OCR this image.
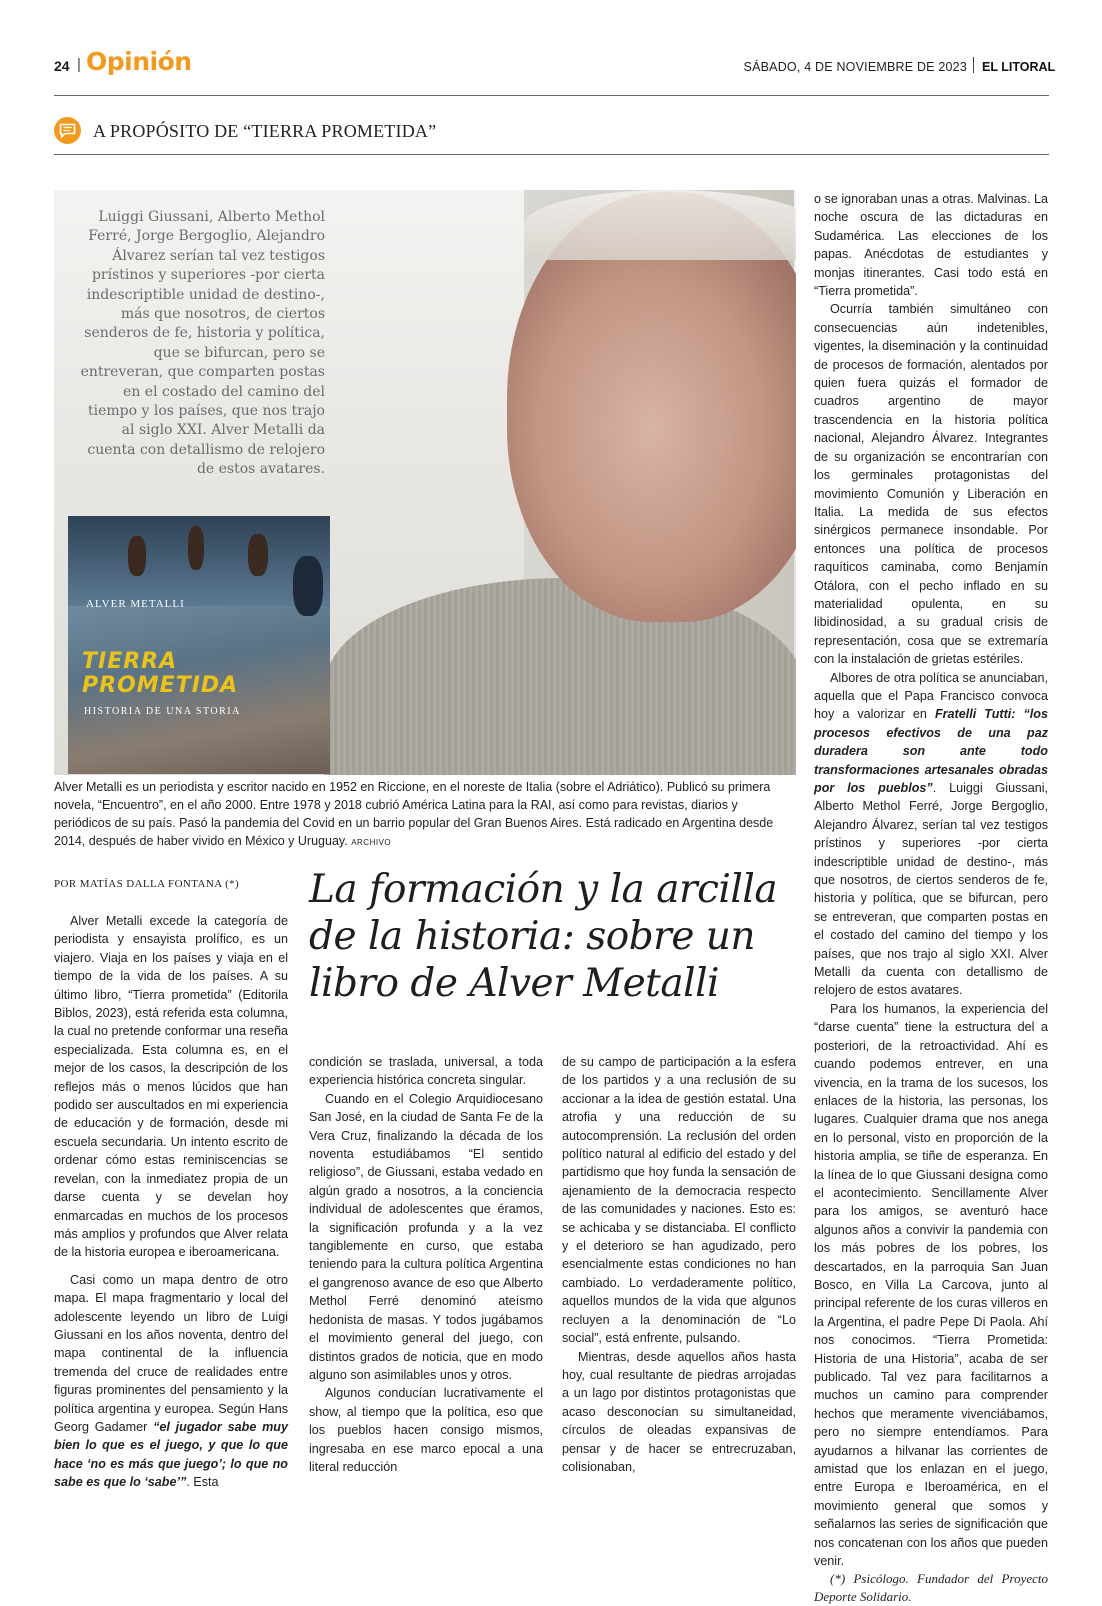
24 | Opinión	SÁBADO, 4 DE NOVIEMBRE DE 2023 EL LITORAL
A PROPÓSITO DE “TIERRA PROMETIDA”
ALVER METALLI
TIERRA
PROMETIDA
HISTORIA DE UNA STORIA
Luiggi Giussani, Alberto Methol Ferré, Jorge Bergoglio, Alejandro Álvarez serían tal vez testigos prístinos y superiores -por cierta indescriptible unidad de destino-, más que nosotros, de ciertos senderos de fe, historia y política, que se bifurcan, pero se entreveran, que comparten postas en el costado del camino del tiempo y los países, que nos trajo al siglo XXI. Alver Metalli da cuenta con detallismo de relojero de estos avatares.
Alver Metalli es un periodista y escritor nacido en 1952 en Riccione, en el noreste de Italia (sobre el Adriático). Publicó su primera novela, “Encuentro”, en el año 2000. Entre 1978 y 2018 cubrió América Latina para la RAI, así como para revistas, diarios y periódicos de su país. Pasó la pandemia del Covid en un barrio popular del Gran Buenos Aires. Está radicado en Argentina desde 2014, después de haber vivido en México y Uruguay. ARCHIVO
POR MATÍAS DALLA FONTANA (*) La formación y la arcilla de la historia: sobre un libro de Alver Metalli

Alver Metalli excede la categoría de periodista y ensayista prolífico, es un viajero. Viaja en los países y viaja en el tiempo de la vida de los países. A su último libro, “Tierra prometida” (Editorila Biblos, 2023), está referida esta columna, la cual no pretende conformar una reseña especializada. Esta columna es, en el mejor de los casos, la descripción de los reflejos más o menos lúcidos que han podido ser auscultados en mi experiencia de educación y de formación, desde mi escuela secundaria. Un intento escrito de ordenar cómo estas reminiscencias se revelan, con la inmediatez propia de un darse cuenta y se develan hoy enmarcadas en muchos de los procesos más amplios y profundos que Alver relata de la historia europea e iberoamericana.

Casi como un mapa dentro de otro mapa. El mapa fragmentario y local del adolescente leyendo un libro de Luigi Giussani en los años noventa, dentro del mapa continental de la influencia tremenda del cruce de realidades entre figuras prominentes del pensamiento y la política argentina y europea. Según Hans Georg Gadamer “el jugador sabe muy bien lo que es el juego, y que lo que hace ‘no es más que juego’; lo que no sabe es que lo ‘sabe’”. Esta

condición se traslada, universal, a toda experiencia histórica concreta singular.

Cuando en el Colegio Arquidiocesano San José, en la ciudad de Santa Fe de la Vera Cruz, finalizando la década de los noventa estudiábamos “El sentido religioso”, de Giussani, estaba vedado en algún grado a nosotros, a la conciencia individual de adolescentes que éramos, la significación profunda y a la vez tangiblemente en curso, que estaba teniendo para la cultura política Argentina el gangrenoso avance de eso que Alberto Methol Ferré denominó ateísmo hedonista de masas. Y todos jugábamos el movimiento general del juego, con distintos grados de noticia, que en modo alguno son asimilables unos y otros.

Algunos conducían lucrativamente el show, al tiempo que la política, eso que los pueblos hacen consigo mismos, ingresaba en ese marco epocal a una literal reducción

de su campo de participación a la esfera de los partidos y a una reclusión de su accionar a la idea de gestión estatal. Una atrofia y una reducción de su autocomprensión. La reclusión del orden político natural al edificio del estado y del partidismo que hoy funda la sensación de ajenamiento de la democracia respecto de las comunidades y naciones. Esto es: se achicaba y se distanciaba. El conflicto y el deterioro se han agudizado, pero esencialmente estas condiciones no han cambiado. Lo verdaderamente político, aquellos mundos de la vida que algunos recluyen a la denominación de “Lo social”, está enfrente, pulsando.

Mientras, desde aquellos años hasta hoy, cual resultante de piedras arrojadas a un lago por distintos protagonistas que acaso desconocían su simultaneidad, círculos de oleadas expansivas de pensar y de hacer se entrecruzaban, colisionaban,

o se ignoraban unas a otras. Malvinas. La noche oscura de las dictaduras en Sudamérica. Las elecciones de los papas. Anécdotas de estudiantes y monjas itinerantes. Casi todo está en “Tierra prometida”.

Ocurría también simultáneo con consecuencias aún indetenibles, vigentes, la diseminación y la continuidad de procesos de formación, alentados por quien fuera quizás el formador de cuadros argentino de mayor trascendencia en la historia política nacional, Alejandro Álvarez. Integrantes de su organización se encontrarían con los germinales protagonistas del movimiento Comunión y Liberación en Italia. La medida de sus efectos sinérgicos permanece insondable. Por entonces una política de procesos raquíticos caminaba, como Benjamín Otálora, con el pecho inflado en su materialidad opulenta, en su libidinosidad, a su gradual crisis de representación, cosa que se extremaría con la instalación de grietas estériles.

Albores de otra política se anunciaban, aquella que el Papa Francisco convoca hoy a valorizar en Fratelli Tutti: “los procesos efectivos de una paz duradera son ante todo transformaciones artesanales obradas por los pueblos”. Luiggi Giussani, Alberto Methol Ferré, Jorge Bergoglio, Alejandro Álvarez, serían tal vez testigos prístinos y superiores -por cierta indescriptible unidad de destino-, más que nosotros, de ciertos senderos de fe, historia y política, que se bifurcan, pero se entreveran, que comparten postas en el costado del camino del tiempo y los países, que nos trajo al siglo XXI. Alver Metalli da cuenta con detallismo de relojero de estos avatares.

Para los humanos, la experiencia del “darse cuenta” tiene la estructura del a posteriori, de la retroactividad. Ahí es cuando podemos entrever, en una vivencia, en la trama de los sucesos, los enlaces de la historia, las personas, los lugares. Cualquier drama que nos anega en lo personal, visto en proporción de la historia amplia, se tiñe de esperanza. En la línea de lo que Giussani designa como el acontecimiento. Sencillamente Alver para los amigos, se aventuró hace algunos años a convivir la pandemia con los más pobres de los pobres, los descartados, en la parroquia San Juan Bosco, en Villa La Carcova, junto al principal referente de los curas villeros en la Argentina, el padre Pepe Di Paola. Ahí nos conocimos. “Tierra Prometida: Historia de una Historia”, acaba de ser publicado. Tal vez para facilitarnos a muchos un camino para comprender hechos que meramente vivenciábamos, pero no siempre entendíamos. Para ayudarnos a hilvanar las corrientes de amistad que los enlazan en el juego, entre Europa e Iberoamérica, en el movimiento general que somos y señalarnos las series de significación que nos concatenan con los años que pueden venir.

(*) Psicólogo. Fundador del Proyecto Deporte Solidario.
